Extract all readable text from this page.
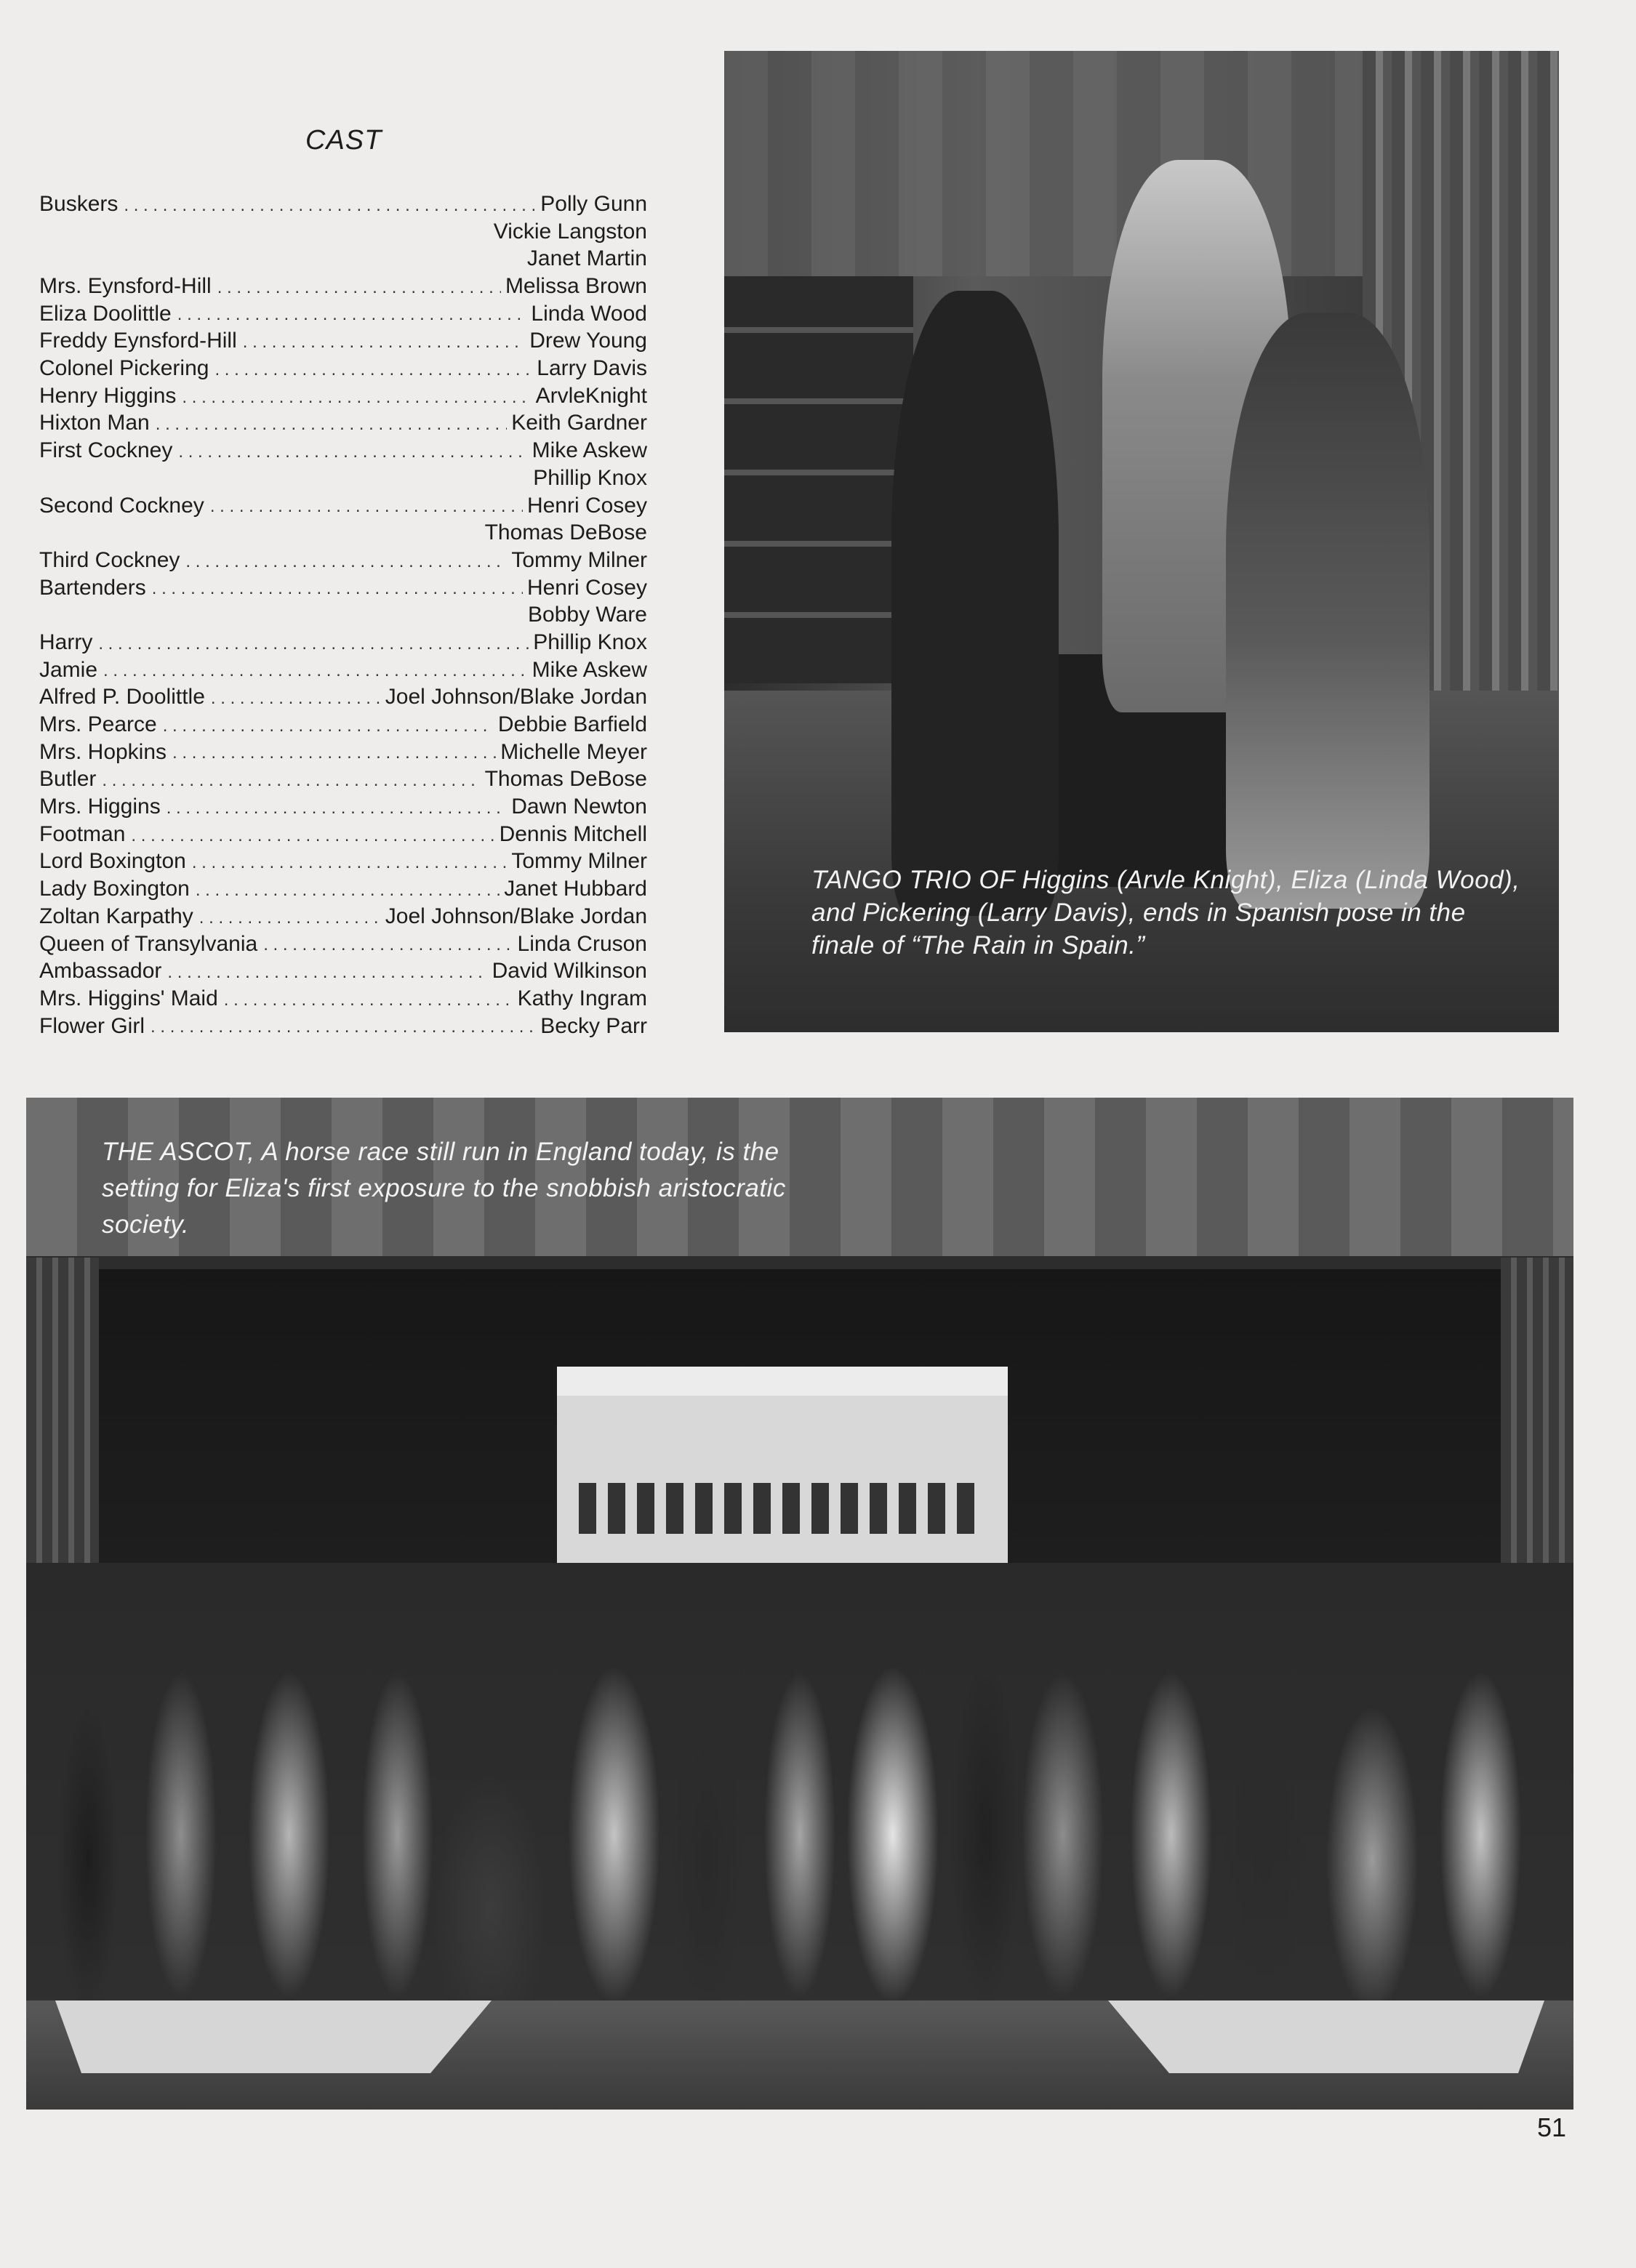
CAST
Buskers . . .	Polly Gunn
Vickie Langston
Janet Martin
Mrs. Eynsford-Hill . . .	Melissa Brown
Eliza Doolittle . . .	Linda Wood
Freddy Eynsford-Hill . . .	Drew Young
Colonel Pickering . . .	Larry Davis
Henry Higgins . . .	ArvleKnight
Hixton Man . . .	Keith Gardner
First Cockney . . .	Mike Askew
Phillip Knox
Second Cockney . . .	Henri Cosey
Thomas DeBose
Third Cockney . . .	Tommy Milner
Bartenders . . .	Henri Cosey
Bobby Ware
Harry . . .	Phillip Knox
Jamie . . .	Mike Askew
Alfred P. Doolittle . . .	Joel Johnson/Blake Jordan
Mrs. Pearce . . .	Debbie Barfield
Mrs. Hopkins . . .	Michelle Meyer
Butler . . .	Thomas DeBose
Mrs. Higgins . . .	Dawn Newton
Footman . . .	Dennis Mitchell
Lord Boxington . . .	Tommy Milner
Lady Boxington . . .	Janet Hubbard
Zoltan Karpathy . . .	Joel Johnson/Blake Jordan
Queen of Transylvania . . .	Linda Cruson
Ambassador . . .	David Wilkinson
Mrs. Higgins' Maid . . .	Kathy Ingram
Flower Girl . . .	Becky Parr
TANGO TRIO OF Higgins (Arvle Knight), Eliza (Linda Wood), and Pickering (Larry Davis), ends in Spanish pose in the finale of “The Rain in Spain.”
THE ASCOT, A horse race still run in England today, is the setting for Eliza's first exposure to the snobbish aristocratic society.
51
